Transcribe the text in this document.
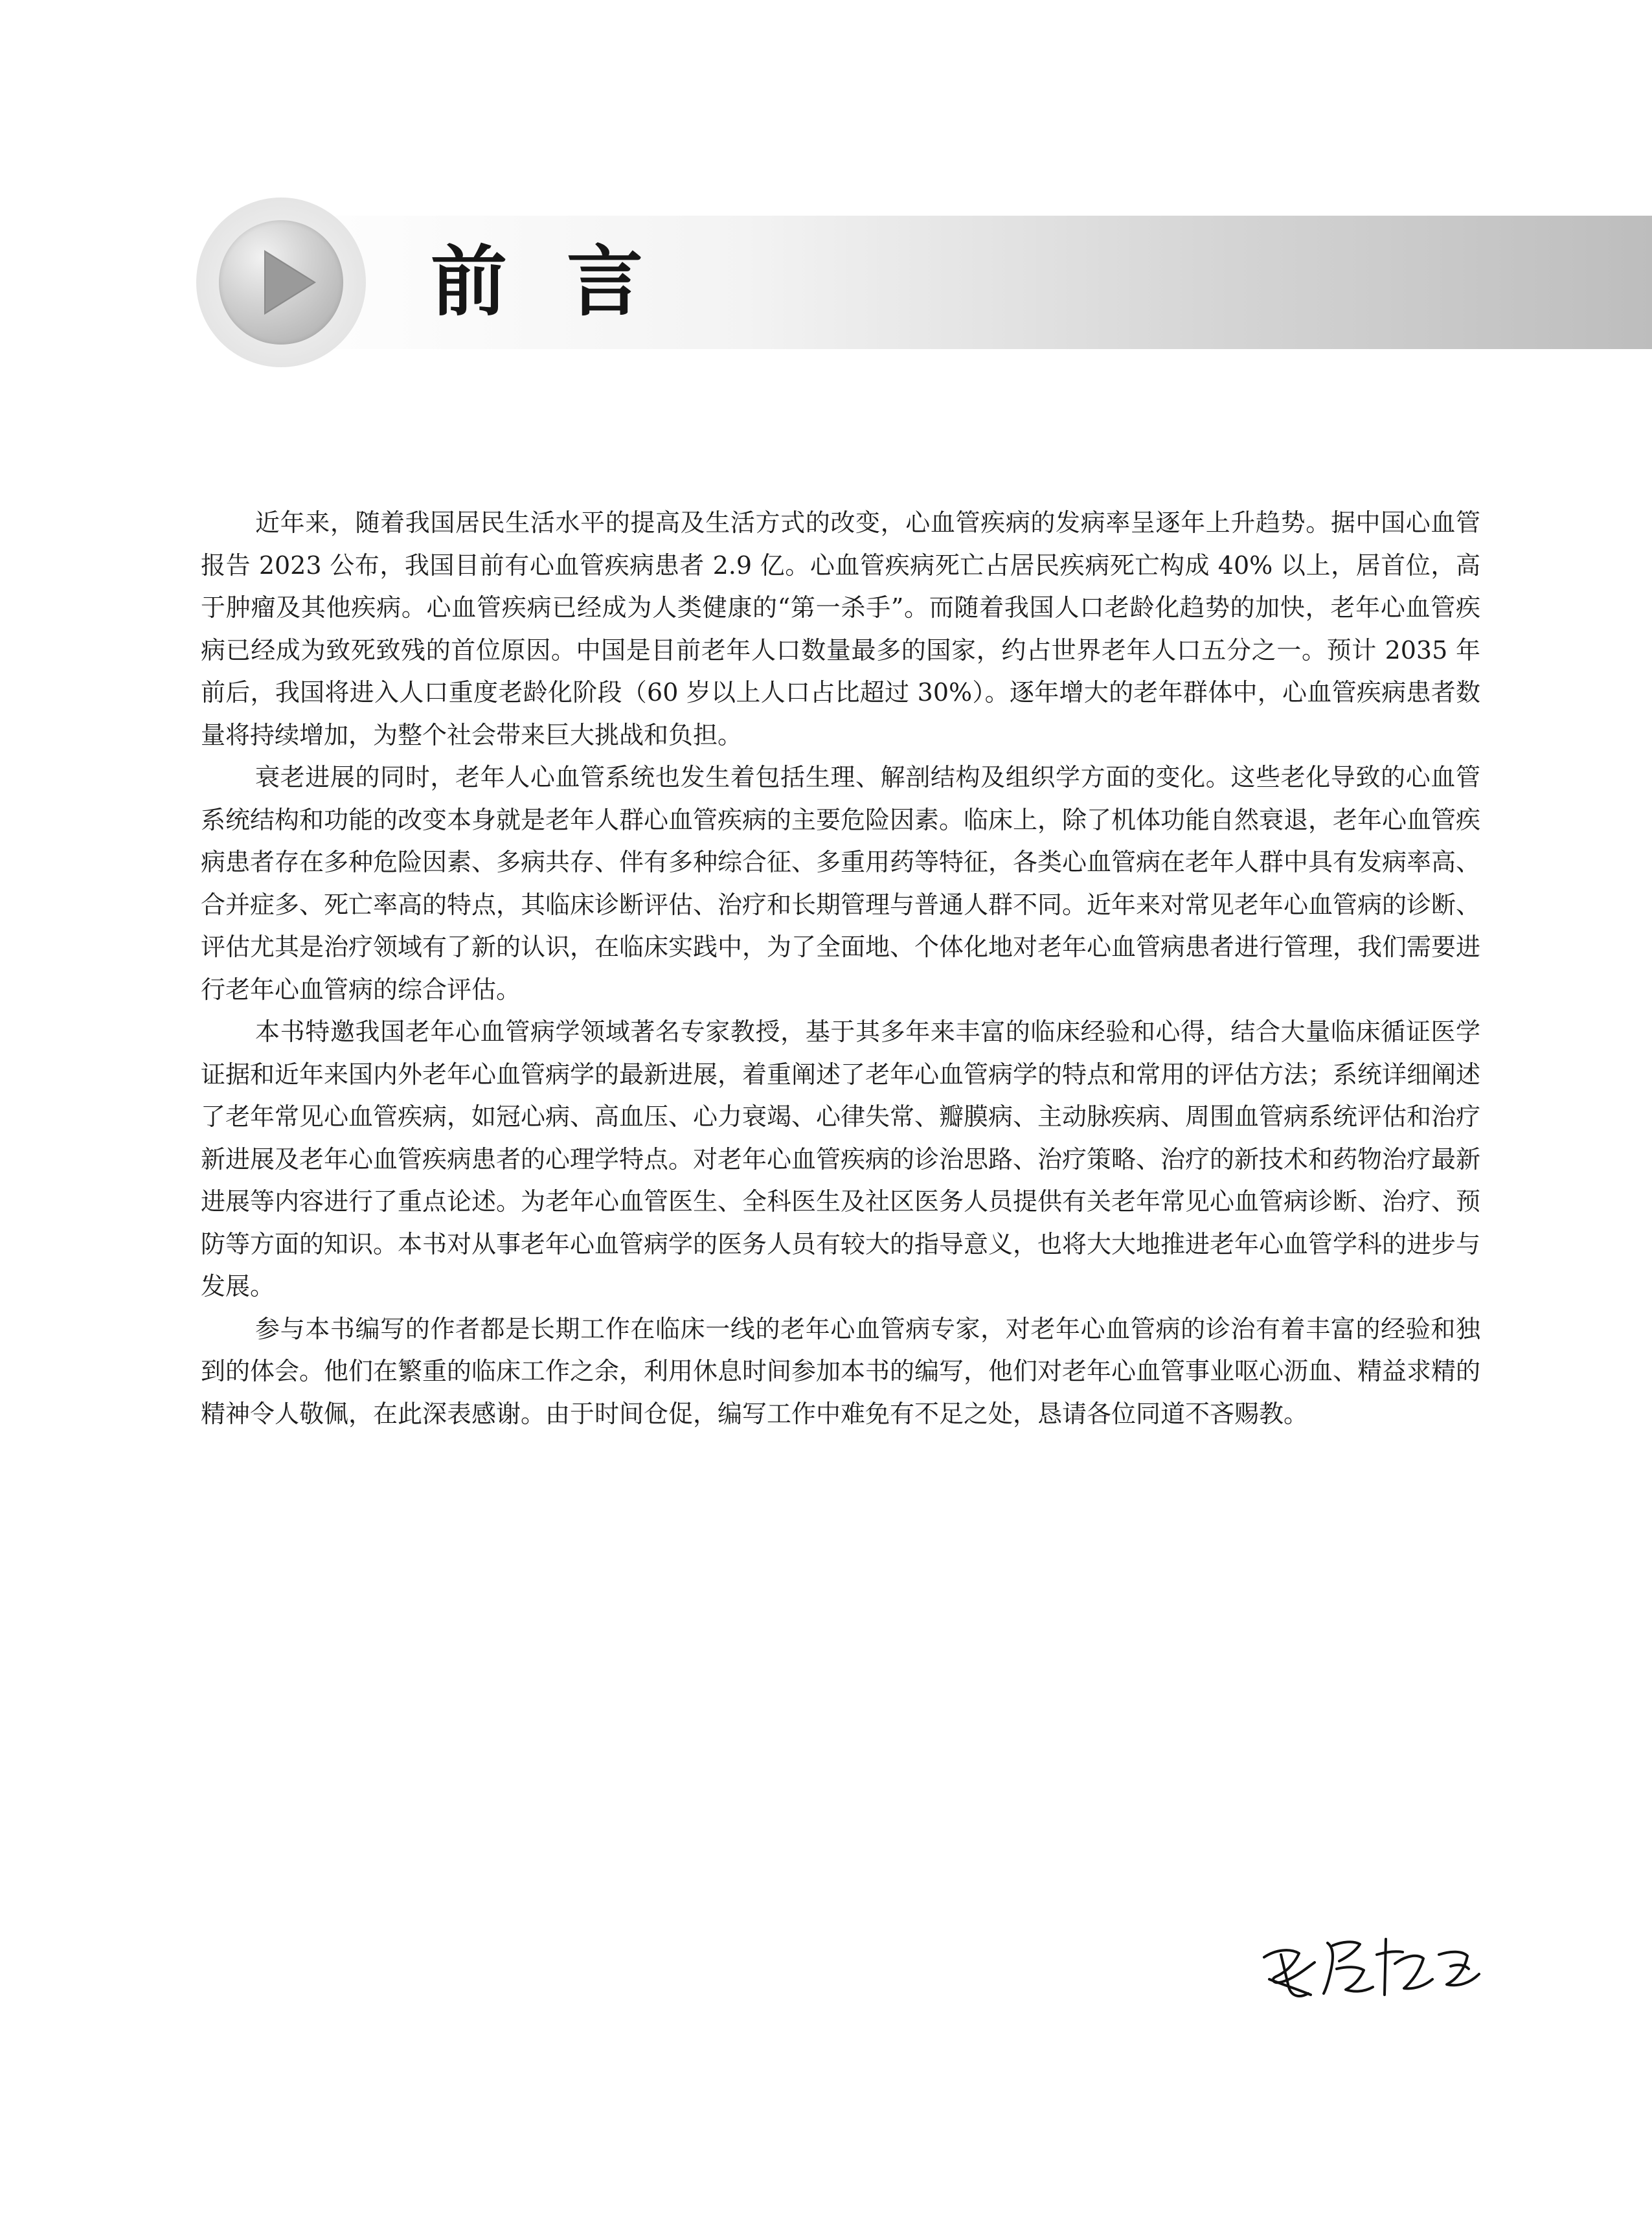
前言

近年来，随着我国居民生活水平的提高及生活方式的改变，心血管疾病的发病率呈逐年上升趋势。据中国心血管报告 2023 公布，我国目前有心血管疾病患者 2.9 亿。心血管疾病死亡占居民疾病死亡构成 40% 以上，居首位，高于肿瘤及其他疾病。心血管疾病已经成为人类健康的“第一杀手”。而随着我国人口老龄化趋势的加快，老年心血管疾病已经成为致死致残的首位原因。中国是目前老年人口数量最多的国家，约占世界老年人口五分之一。预计 2035 年前后，我国将进入人口重度老龄化阶段（60 岁以上人口占比超过 30%）。逐年增大的老年群体中，心血管疾病患者数量将持续增加，为整个社会带来巨大挑战和负担。

衰老进展的同时，老年人心血管系统也发生着包括生理、解剖结构及组织学方面的变化。这些老化导致的心血管系统结构和功能的改变本身就是老年人群心血管疾病的主要危险因素。临床上，除了机体功能自然衰退，老年心血管疾病患者存在多种危险因素、多病共存、伴有多种综合征、多重用药等特征，各类心血管病在老年人群中具有发病率高、合并症多、死亡率高的特点，其临床诊断评估、治疗和长期管理与普通人群不同。近年来对常见老年心血管病的诊断、评估尤其是治疗领域有了新的认识，在临床实践中，为了全面地、个体化地对老年心血管病患者进行管理，我们需要进行老年心血管病的综合评估。

本书特邀我国老年心血管病学领域著名专家教授，基于其多年来丰富的临床经验和心得，结合大量临床循证医学证据和近年来国内外老年心血管病学的最新进展，着重阐述了老年心血管病学的特点和常用的评估方法；系统详细阐述了老年常见心血管疾病，如冠心病、高血压、心力衰竭、心律失常、瓣膜病、主动脉疾病、周围血管病系统评估和治疗新进展及老年心血管疾病患者的心理学特点。对老年心血管疾病的诊治思路、治疗策略、治疗的新技术和药物治疗最新进展等内容进行了重点论述。为老年心血管医生、全科医生及社区医务人员提供有关老年常见心血管病诊断、治疗、预防等方面的知识。本书对从事老年心血管病学的医务人员有较大的指导意义，也将大大地推进老年心血管学科的进步与发展。

参与本书编写的作者都是长期工作在临床一线的老年心血管病专家，对老年心血管病的诊治有着丰富的经验和独到的体会。他们在繁重的临床工作之余，利用休息时间参加本书的编写，他们对老年心血管事业呕心沥血、精益求精的精神令人敬佩，在此深表感谢。由于时间仓促，编写工作中难免有不足之处，恳请各位同道不吝赐教。
